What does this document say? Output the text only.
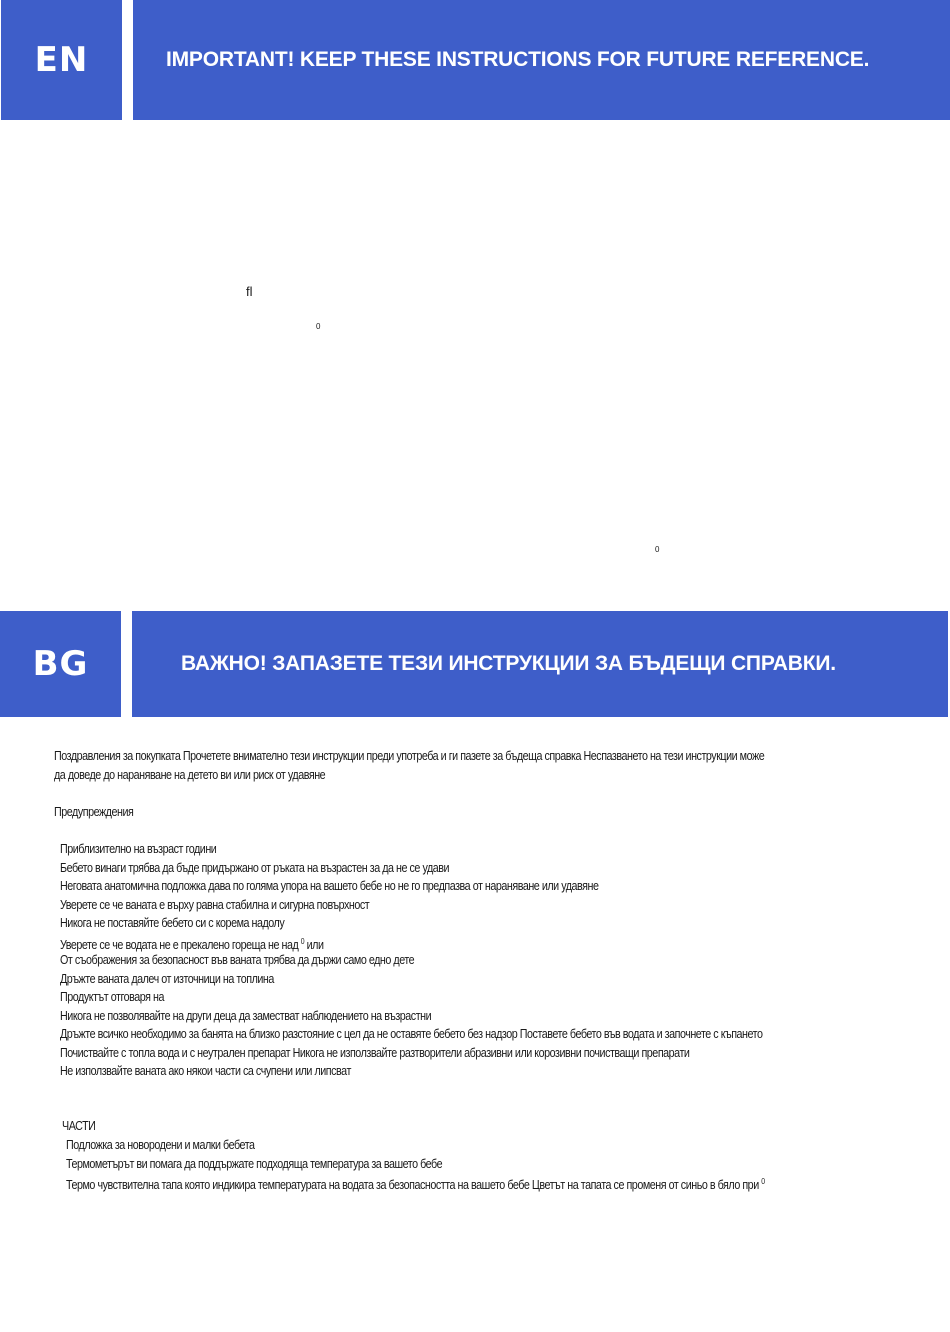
EN	IMPORTANT! KEEP THESE INSTRUCTIONS FOR FUTURE REFERENCE.
fl
0
0
BG	ВАЖНО! ЗАПАЗЕТЕ ТЕЗИ ИНСТРУКЦИИ ЗА БЪДЕЩИ СПРАВКИ.
Поздравления за покупката Прочетете внимателно тези инструкции преди употреба и ги пазете за бъдеща справка Неспазването на тези инструкции може
да доведе до нараняване на детето ви или риск от удавяне
Предупреждения
Приблизително на възраст години
Бебето винаги трябва да бъде придържано от ръката на възрастен за да не се удави
Неговата анатомична подложка дава по голяма упора на вашето бебе но не го предпазва от нараняване или удавяне
Уверете се че ваната е върху равна стабилна и сигурна повърхност
Никога не поставяйте бебето си с корема надолу
Уверете се че водата не е прекалено гореща не над $^0$ или
От съображения за безопасност във ваната трябва да държи само едно дете
Дръжте ваната далеч от източници на топлина
Продуктът отговаря на
Никога не позволявайте на други деца да заместват наблюдението на възрастни
Дръжте всичко необходимо за банята на близко разстояние с цел да не оставяте бебето без надзор Поставете бебето във водата и започнете с къпането
Почиствайте с топла вода и с неутрален препарат Никога не използвайте разтворители абразивни или корозивни почистващи препарати
Не използвайте ваната ако някои части са счупени или липсват
ЧАСТИ
Подложка за новородени и малки бебета
Термометърът ви помага да поддържате подходяща температура за вашето бебе
Термо чувствителна тапа която индикира температурата на водата за безопасността на вашето бебе Цветът на тапата се променя от синьо в бяло при $^0$
